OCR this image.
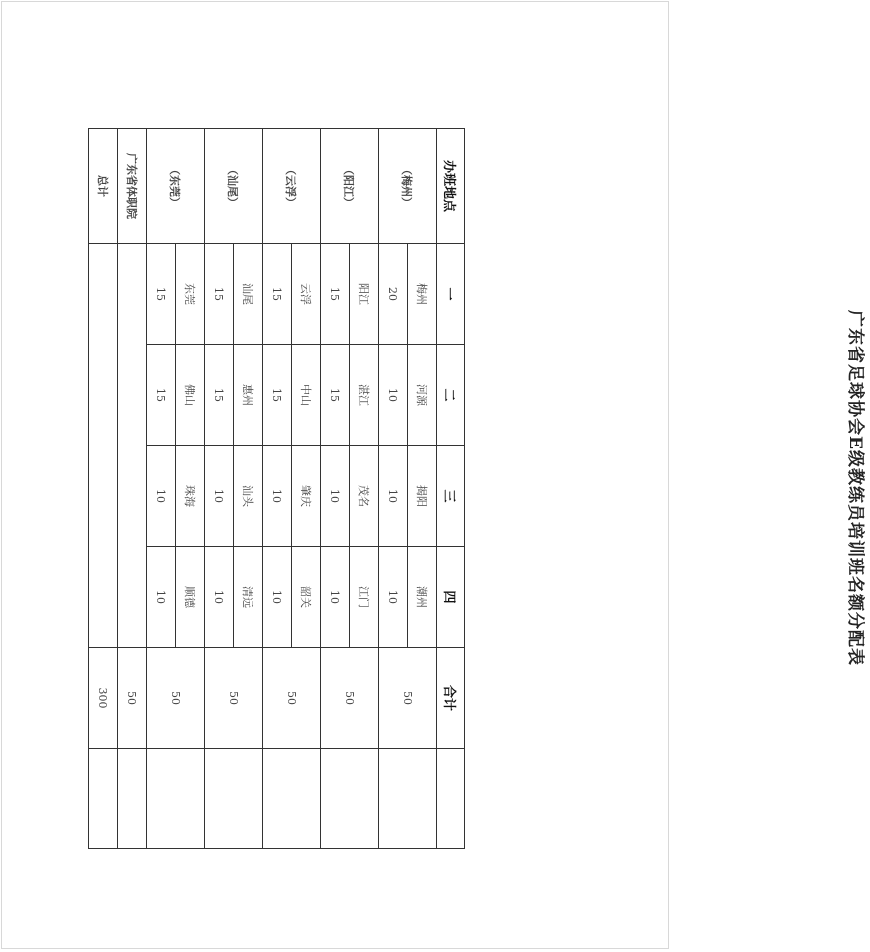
广东省足球协会E级教练员培训班名额分配表
办班地点	一	二	三	四	合计	
（梅州）	梅州	河源	揭阳	潮州	50	
	20	10	10	10		
（阳江）	阳江	湛江	茂名	江门	50	
	15	15	10	10		
（云浮）	云浮	中山	肇庆	韶关	50	
	15	15	10	10		
（汕尾）	汕尾	惠州	汕头	清远	50	
	15	15	10	10		
（东莞）	东莞	佛山	珠海	顺德	50	
	15	15	10	10		
广东省体职院					50	
总计					300	
